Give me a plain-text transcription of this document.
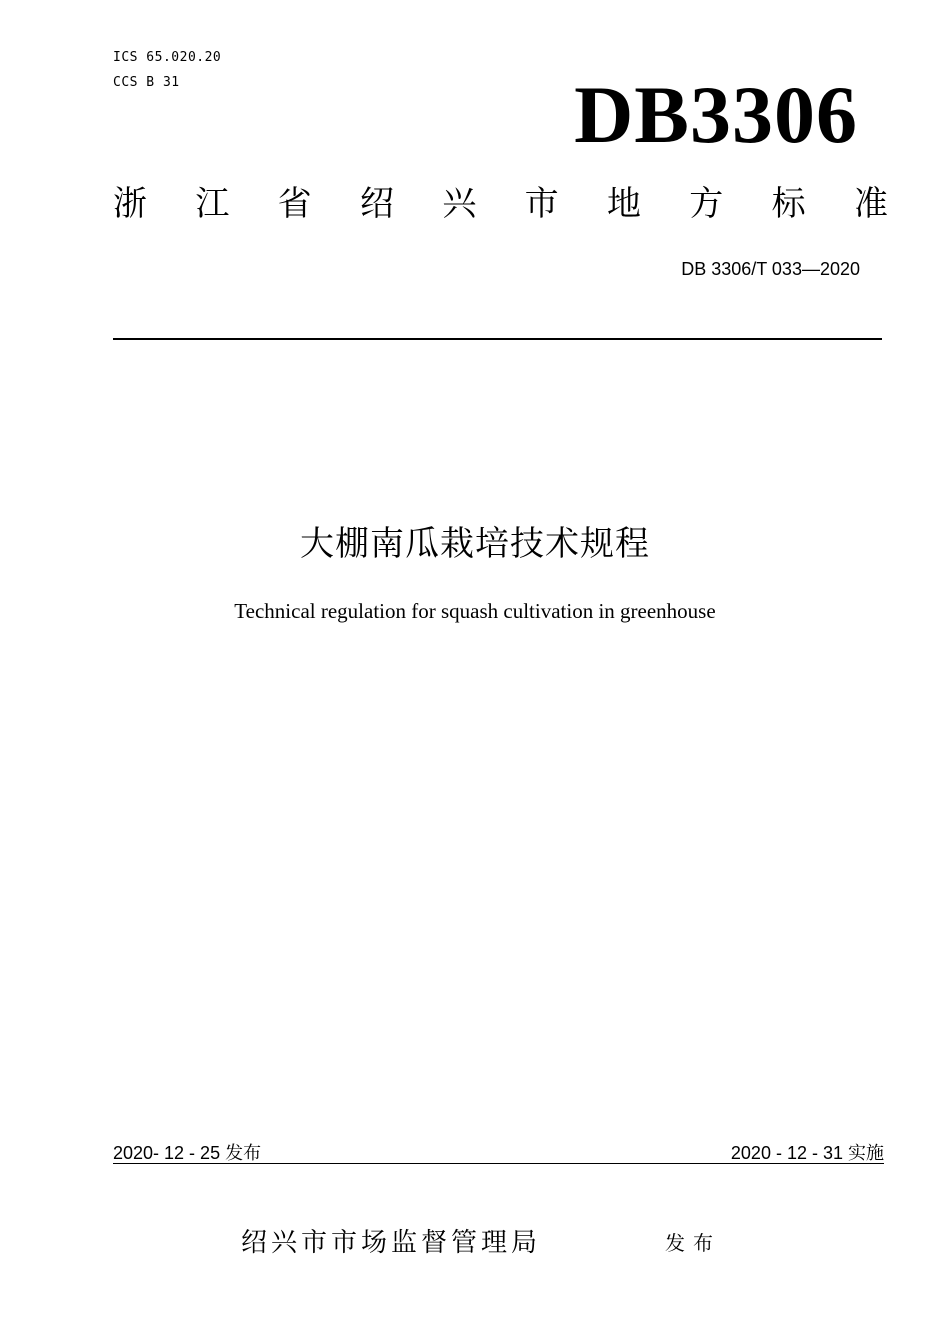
ICS 65.020.20
CCS B 31	DB3306
浙 江 省 绍 兴 市 地 方 标 准
DB 3306/T 033—2020
大棚南瓜栽培技术规程
Technical regulation for squash cultivation in greenhouse
2020- 12 - 25 发布	2020 - 12 - 31 实施
绍兴市市场监督管理局	发布
